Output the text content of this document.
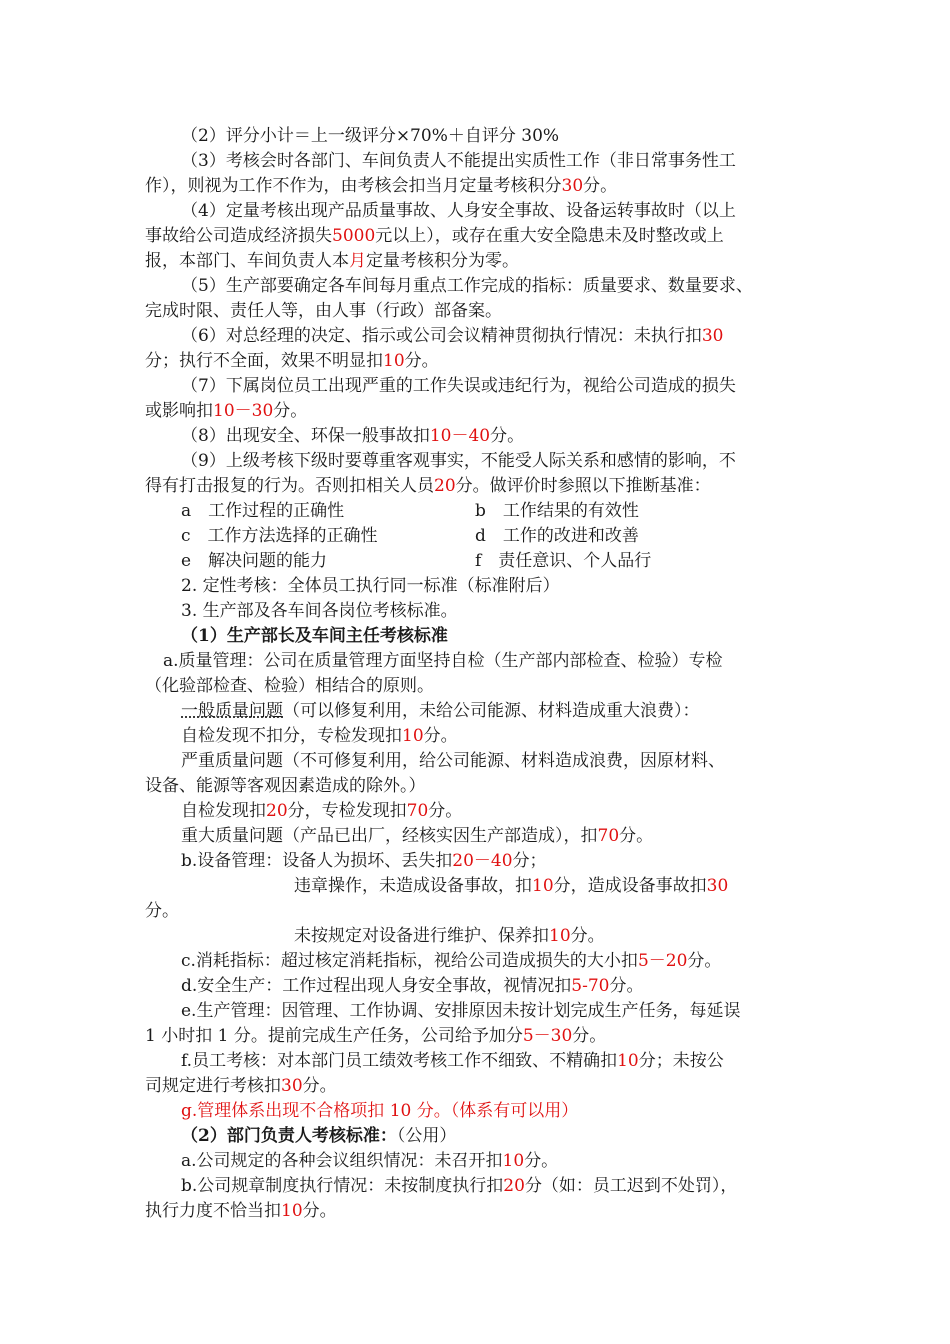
（2）评分小计＝上一级评分×70%＋自评分 30%
（3）考核会时各部门、车间负责人不能提出实质性工作（非日常事务性工
作），则视为工作不作为，由考核会扣当月定量考核积分30分。
（4）定量考核出现产品质量事故、人身安全事故、设备运转事故时（以上
事故给公司造成经济损失5000元以上），或存在重大安全隐患未及时整改或上
报，本部门、车间负责人本月定量考核积分为零。
（5）生产部要确定各车间每月重点工作完成的指标：质量要求、数量要求、
完成时限、责任人等，由人事（行政）部备案。
（6）对总经理的决定、指示或公司会议精神贯彻执行情况：未执行扣30
分；执行不全面，效果不明显扣10分。
（7）下属岗位员工出现严重的工作失误或违纪行为，视给公司造成的损失
或影响扣10－30分。
（8）出现安全、环保一般事故扣10－40分。
（9）上级考核下级时要尊重客观事实，不能受人际关系和感情的影响，不
得有打击报复的行为。否则扣相关人员20分。做评价时参照以下推断基准：
a　工作过程的正确性	b　工作结果的有效性
c　工作方法选择的正确性	d　工作的改进和改善
e　解决问题的能力	f　责任意识、个人品行
2. 定性考核：全体员工执行同一标准（标准附后）
3. 生产部及各车间各岗位考核标准。
（1）生产部长及车间主任考核标准
a.质量管理：公司在质量管理方面坚持自检（生产部内部检查、检验）专检
（化验部检查、检验）相结合的原则。
一般质量问题（可以修复利用，未给公司能源、材料造成重大浪费）：
自检发现不扣分，专检发现扣10分。
严重质量问题（不可修复利用，给公司能源、材料造成浪费，因原材料、
设备、能源等客观因素造成的除外。）
自检发现扣20分，专检发现扣70分。
重大质量问题（产品已出厂，经核实因生产部造成），扣70分。
b.设备管理：设备人为损坏、丢失扣20－40分；
违章操作，未造成设备事故，扣10分，造成设备事故扣30
分。
未按规定对设备进行维护、保养扣10分。
c.消耗指标：超过核定消耗指标，视给公司造成损失的大小扣5－20分。
d.安全生产：工作过程出现人身安全事故，视情况扣5-70分。
e.生产管理：因管理、工作协调、安排原因未按计划完成生产任务，每延误
1 小时扣 1 分。提前完成生产任务，公司给予加分5－30分。
f.员工考核：对本部门员工绩效考核工作不细致、不精确扣10分；未按公
司规定进行考核扣30分。
g.管理体系出现不合格项扣 10 分。（体系有可以用）
（2）部门负责人考核标准：（公用）
a.公司规定的各种会议组织情况：未召开扣10分。
b.公司规章制度执行情况：未按制度执行扣20分（如：员工迟到不处罚），
执行力度不恰当扣10分。
